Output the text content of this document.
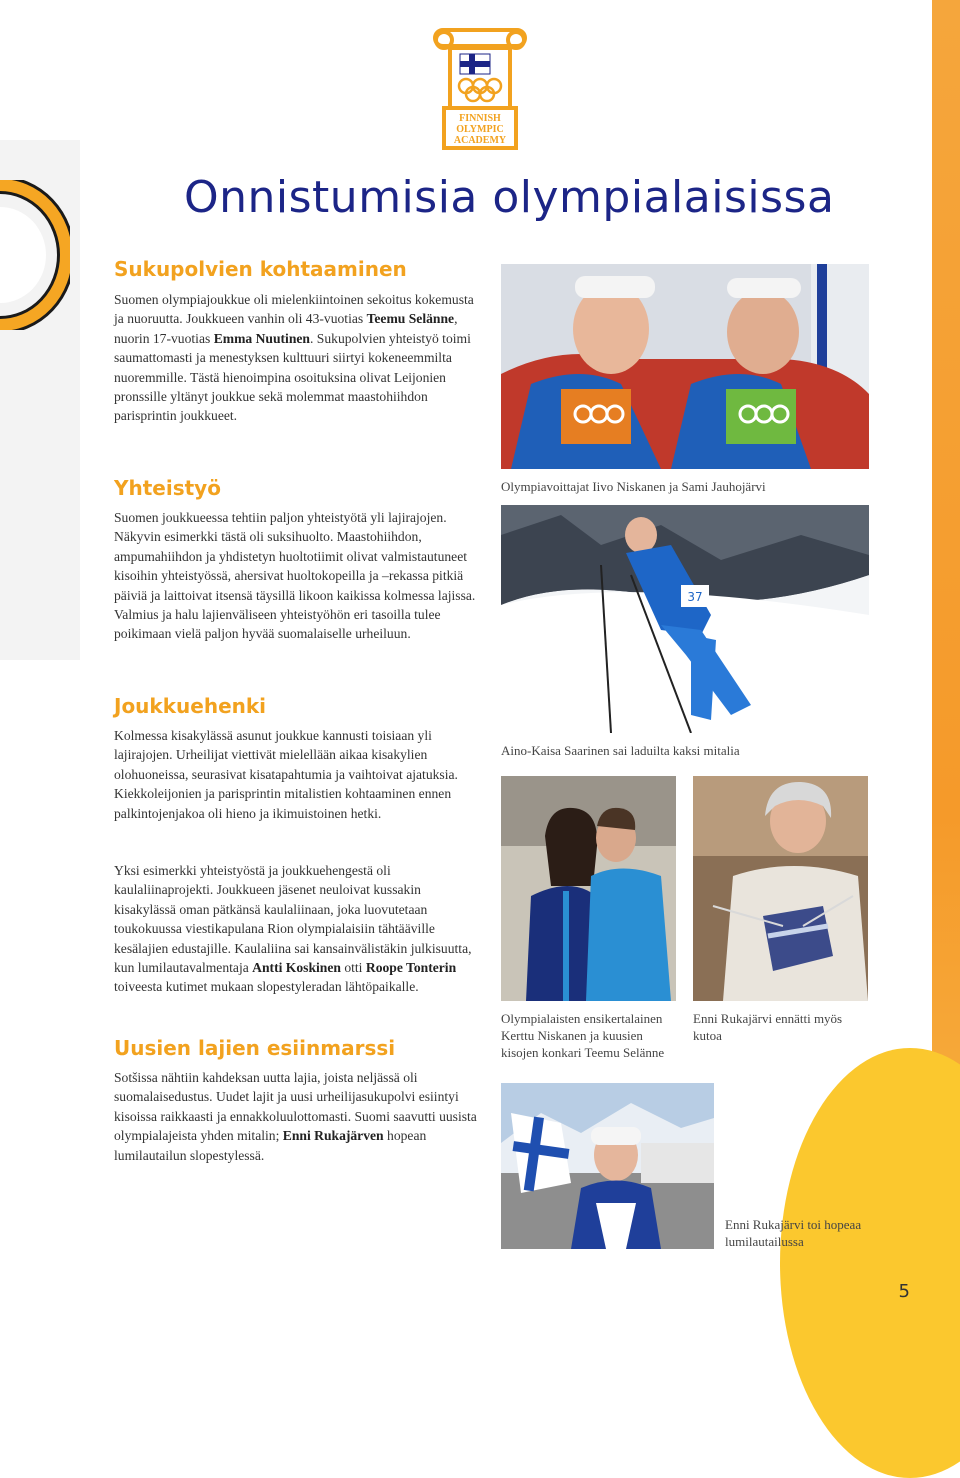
FINNISH
OLYMPIC
ACADEMY
Onnistumisia olympialaisissa
Sukupolvien kohtaaminen

Suomen olympiajoukkue oli mielenkiintoinen sekoitus kokemusta ja nuoruutta. Joukkueen vanhin oli 43-vuotias Teemu Selänne, nuorin 17-vuotias Emma Nuutinen. Sukupolvien yhteistyö toimi saumattomasti ja menestyksen kulttuuri siirtyi kokeneemmilta nuoremmille. Tästä hienoimpina osoituksina olivat Leijonien pronssille yltänyt joukkue sekä molemmat maastohiihdon parisprintin joukkueet.

Yhteistyö

Suomen joukkueessa tehtiin paljon yhteistyötä yli lajirajojen. Näkyvin esimerkki tästä oli suksihuolto. Maastohiihdon, ampumahiihdon ja yhdistetyn huoltotiimit olivat valmistautuneet kisoihin yhteistyössä, ahersivat huoltokopeilla ja –rekassa pitkiä päiviä ja laittoivat itsensä täysillä likoon kaikissa kolmessa lajissa. Valmius ja halu lajienväliseen yhteistyöhön eri tasoilla tulee poikimaan vielä paljon hyvää suomalaiselle urheiluun.

Joukkuehenki

Kolmessa kisakylässä asunut joukkue kannusti toisiaan yli lajirajojen. Urheilijat viettivät mielellään aikaa kisakylien olohuoneissa, seurasivat kisatapahtumia ja vaihtoivat ajatuksia. Kiekkoleijonien ja parisprintin mitalistien kohtaaminen ennen palkintojenjakoa oli hieno ja ikimuistoinen hetki.

Yksi esimerkki yhteistyöstä ja joukkuehengestä oli kaulaliinaprojekti. Joukkueen jäsenet neuloivat kussakin kisakylässä oman pätkänsä kaulaliinaan, joka luovutetaan toukokuussa viestikapulana Rion olympialaisiin tähtääville kesälajien edustajille. Kaulaliina sai kansainvälistäkin julkisuutta, kun lumilautavalmentaja Antti Koskinen otti Roope Tonterin toiveesta kutimet mukaan slopestyleradan lähtöpaikalle.

Uusien lajien esiinmarssi

Sotšissa nähtiin kahdeksan uutta lajia, joista neljässä oli suomalaisedustus. Uudet lajit ja uusi urheilijasukupolvi esiintyi kisoissa raikkaasti ja ennakkoluulottomasti. Suomi saavutti uusista olympialajeista yhden mitalin; Enni Rukajärven hopean lumilautailun slopestylessä.

Olympiavoittajat Iivo Niskanen ja Sami Jauhojärvi

37

Aino-Kaisa Saarinen sai laduilta kaksi mitalia

Olympialaisten ensikertalainen Kerttu Niskanen ja kuusien kisojen konkari Teemu Selänne

Enni Rukajärvi ennätti myös kutoa

Enni Rukajärvi toi hopeaa lumilautailussa

5
